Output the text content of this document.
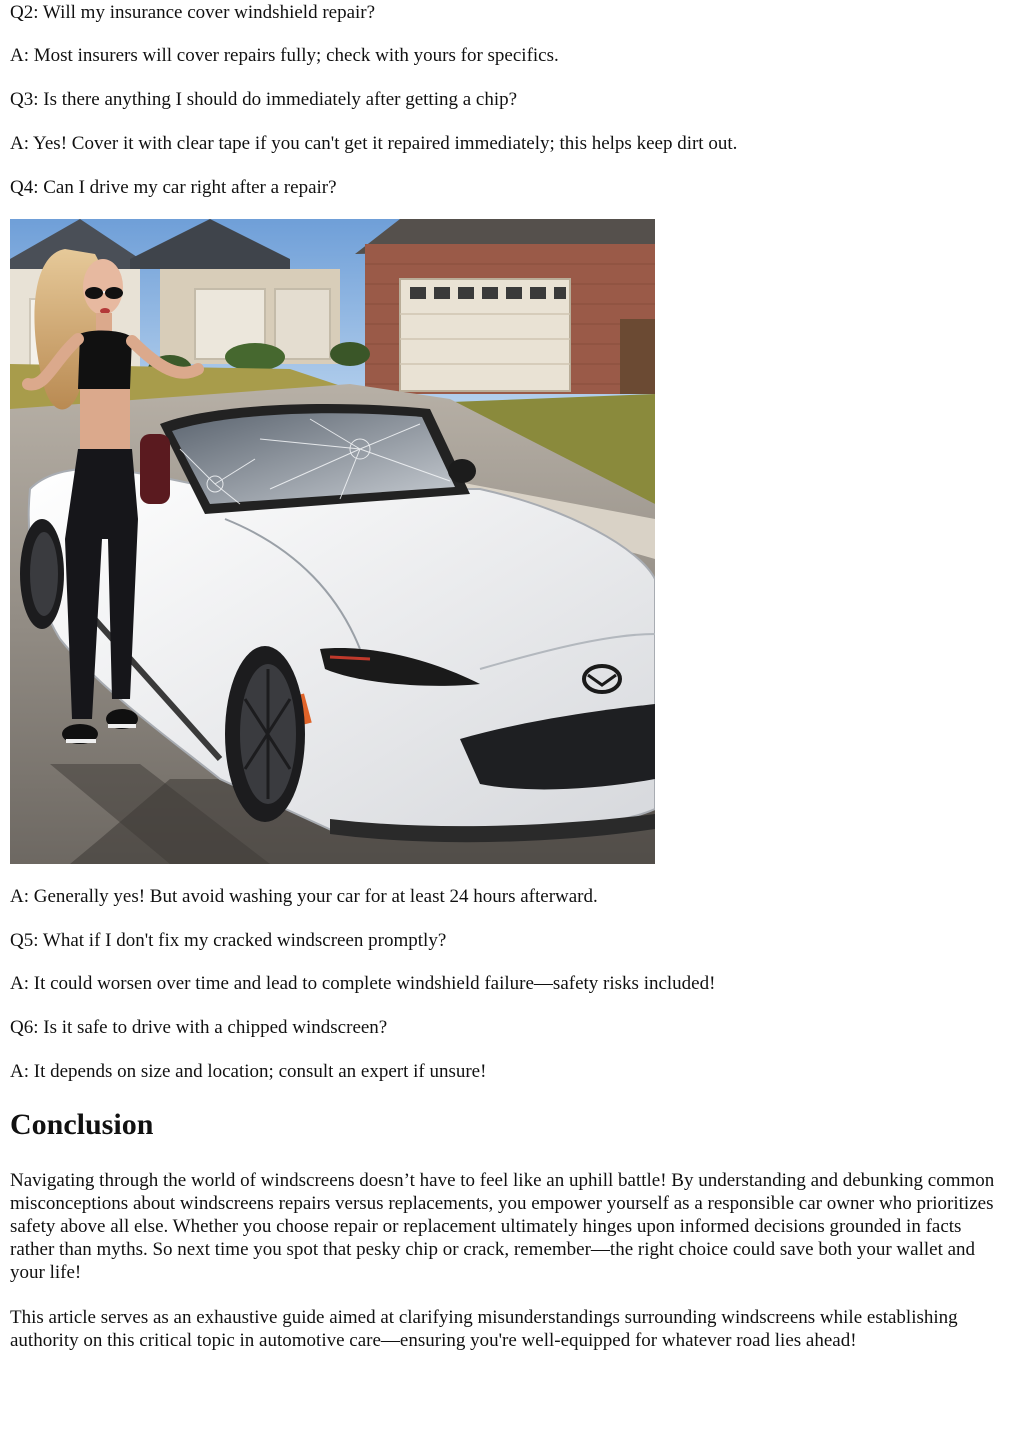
Q2: Will my insurance cover windshield repair?

A: Most insurers will cover repairs fully; check with yours for specifics.

Q3: Is there anything I should do immediately after getting a chip?

A: Yes! Cover it with clear tape if you can't get it repaired immediately; this helps keep dirt out.

Q4: Can I drive my car right after a repair?

A: Generally yes! But avoid washing your car for at least 24 hours afterward.

Q5: What if I don't fix my cracked windscreen promptly?

A: It could worsen over time and lead to complete windshield failure—safety risks included!

Q6: Is it safe to drive with a chipped windscreen?

A: It depends on size and location; consult an expert if unsure!

Conclusion

Navigating through the world of windscreens doesn’t have to feel like an uphill battle! By understanding and debunking common misconceptions about windscreens repairs versus replacements, you empower yourself as a responsible car owner who prioritizes safety above all else. Whether you choose repair or replacement ultimately hinges upon informed decisions grounded in facts rather than myths. So next time you spot that pesky chip or crack, remember—the right choice could save both your wallet and your life!

This article serves as an exhaustive guide aimed at clarifying misunderstandings surrounding windscreens while establishing authority on this critical topic in automotive care—ensuring you're well-equipped for whatever road lies ahead!
